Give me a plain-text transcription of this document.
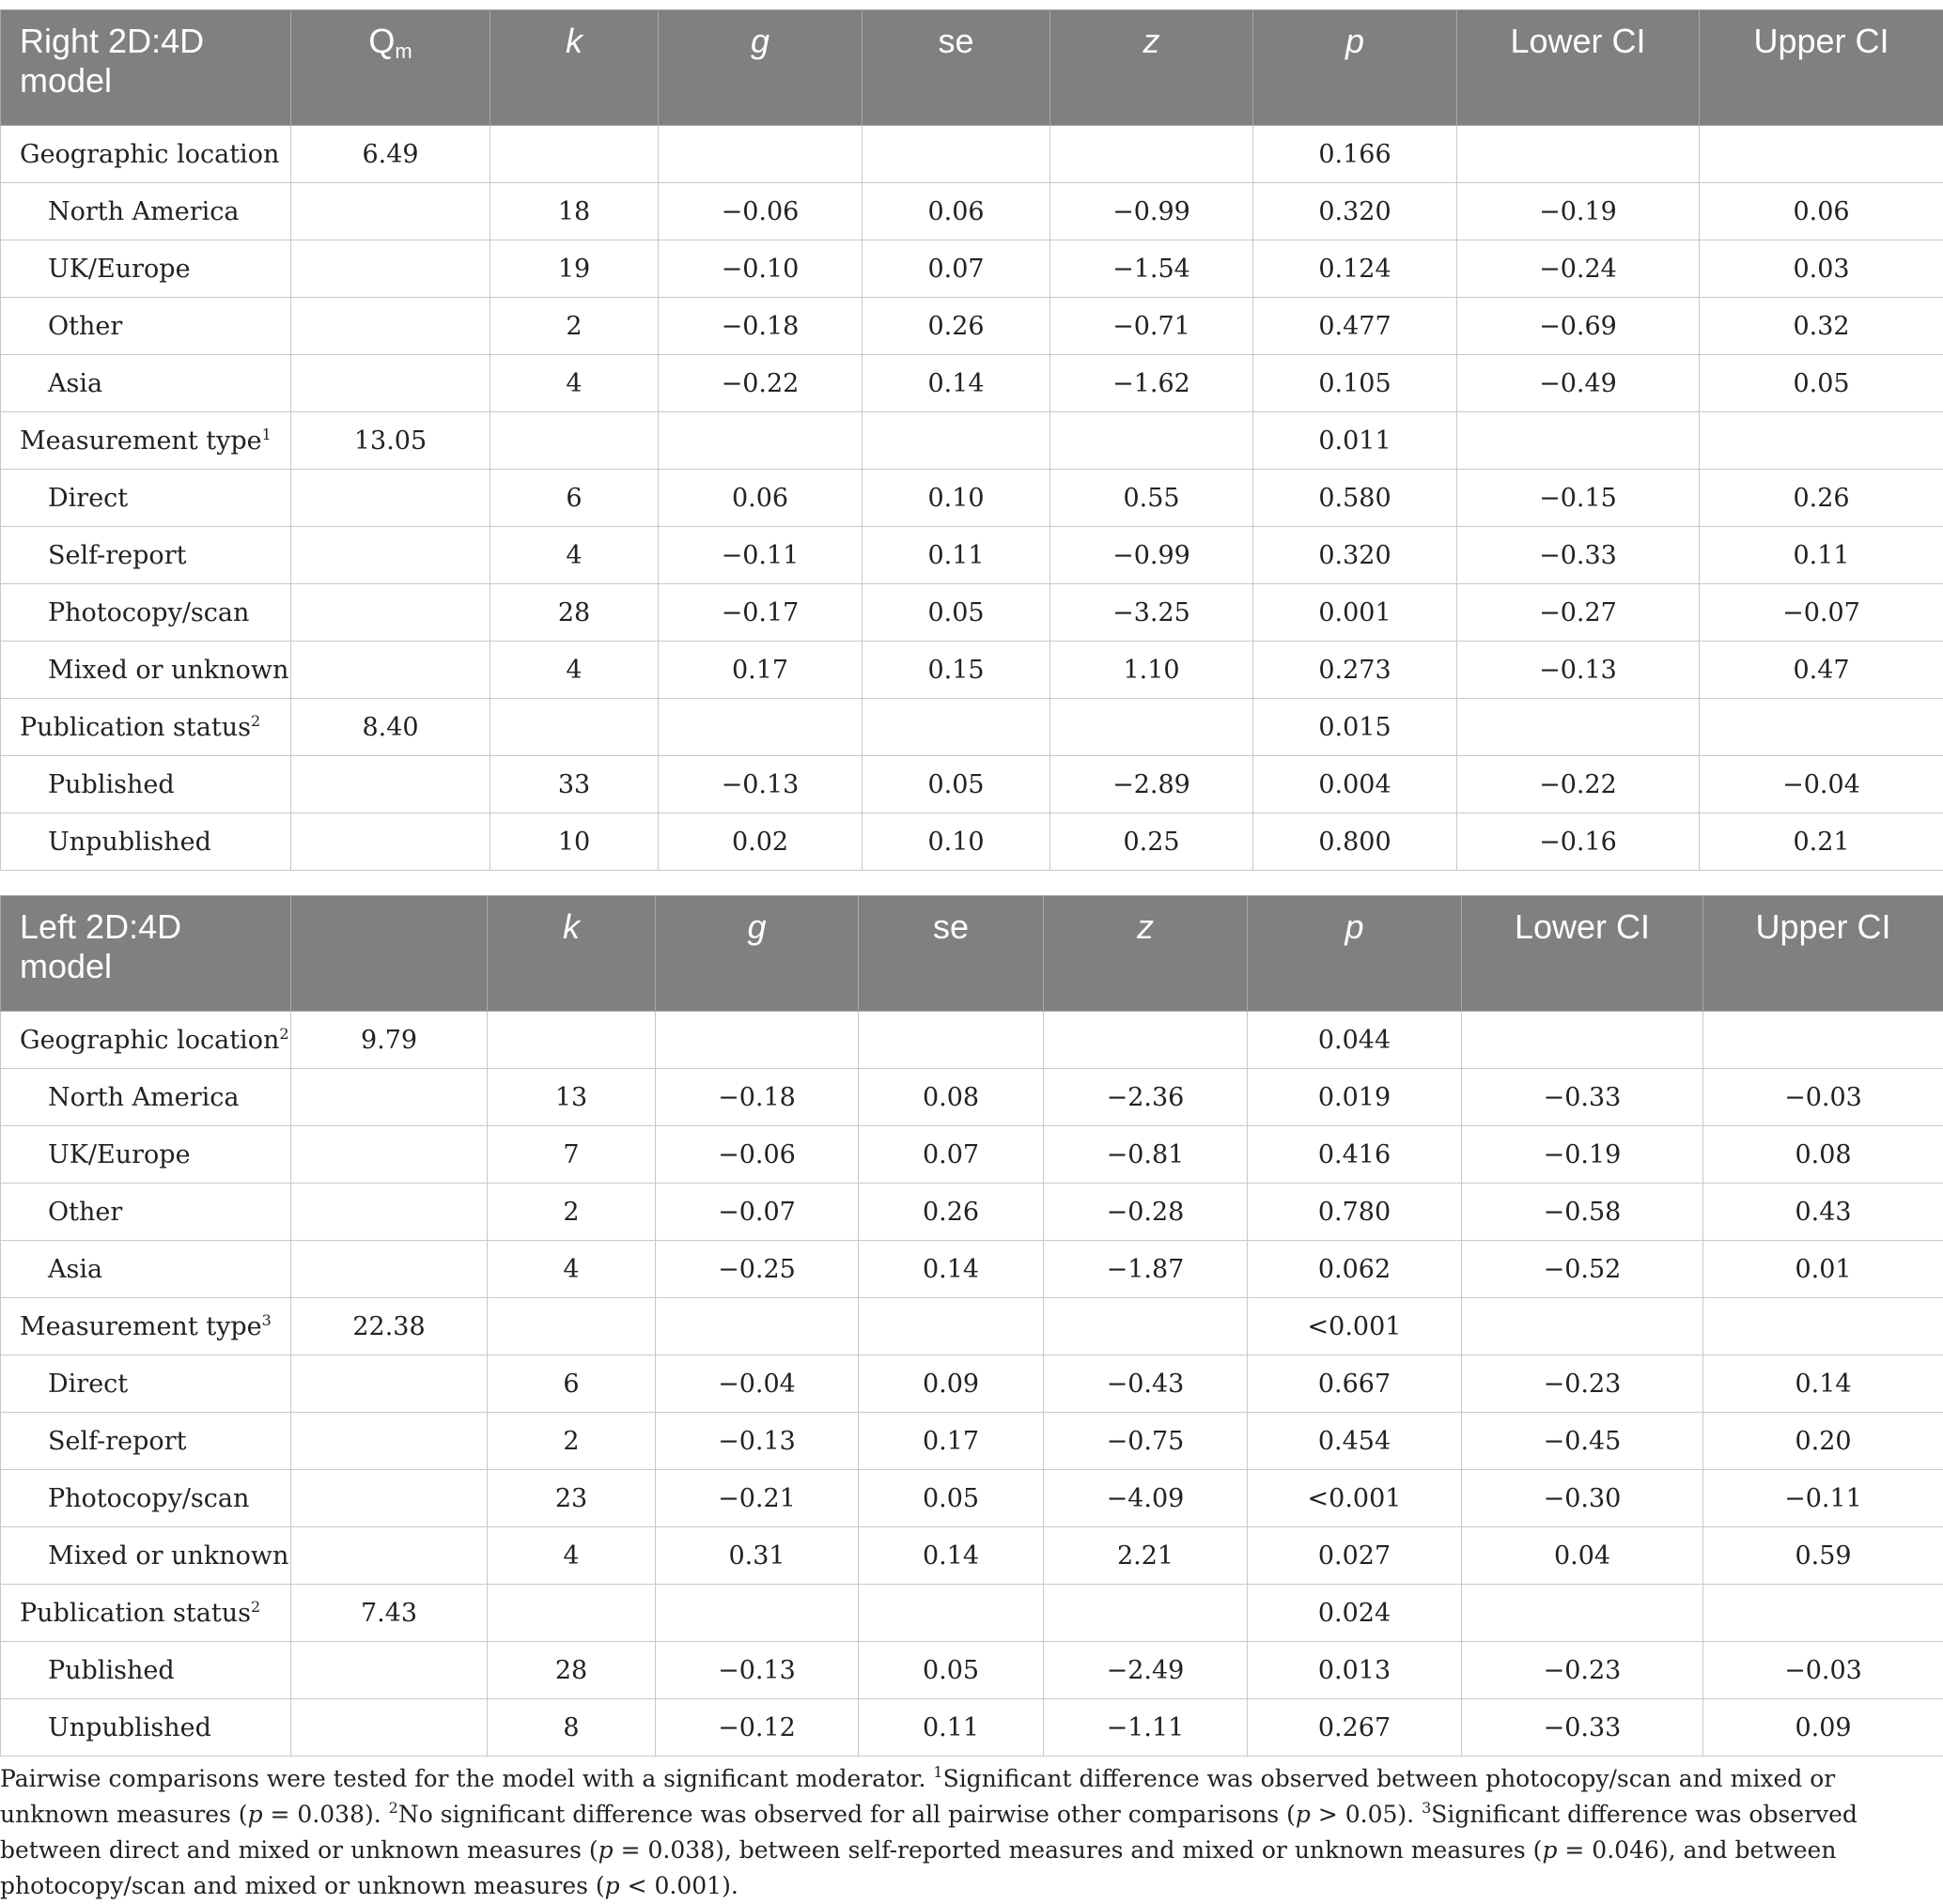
Right 2D:4D model	$Q_m$	k	g	se	z	p	Lower CI	Upper CI
Geographic location	6.49					0.166		
North America		18	−0.06	0.06	−0.99	0.320	−0.19	0.06
UK/Europe		19	−0.10	0.07	−1.54	0.124	−0.24	0.03
Other		2	−0.18	0.26	−0.71	0.477	−0.69	0.32
Asia		4	−0.22	0.14	−1.62	0.105	−0.49	0.05
Measurement type$^1$	13.05					0.011		
Direct		6	0.06	0.10	0.55	0.580	−0.15	0.26
Self-report		4	−0.11	0.11	−0.99	0.320	−0.33	0.11
Photocopy/scan		28	−0.17	0.05	−3.25	0.001	−0.27	−0.07
Mixed or unknown		4	0.17	0.15	1.10	0.273	−0.13	0.47
Publication status$^2$	8.40					0.015		
Published		33	−0.13	0.05	−2.89	0.004	−0.22	−0.04
Unpublished		10	0.02	0.10	0.25	0.800	−0.16	0.21
Left 2D:4D model		k	g	se	z	p	Lower CI	Upper CI
Geographic location$^2$	9.79					0.044		
North America		13	−0.18	0.08	−2.36	0.019	−0.33	−0.03
UK/Europe		7	−0.06	0.07	−0.81	0.416	−0.19	0.08
Other		2	−0.07	0.26	−0.28	0.780	−0.58	0.43
Asia		4	−0.25	0.14	−1.87	0.062	−0.52	0.01
Measurement type$^3$	22.38					<0.001		
Direct		6	−0.04	0.09	−0.43	0.667	−0.23	0.14
Self-report		2	−0.13	0.17	−0.75	0.454	−0.45	0.20
Photocopy/scan		23	−0.21	0.05	−4.09	<0.001	−0.30	−0.11
Mixed or unknown		4	0.31	0.14	2.21	0.027	0.04	0.59
Publication status$^2$	7.43					0.024		
Published		28	−0.13	0.05	−2.49	0.013	−0.23	−0.03
Unpublished		8	−0.12	0.11	−1.11	0.267	−0.33	0.09

Pairwise comparisons were tested for the model with a significant moderator. $^1$Significant difference was observed between photocopy/scan and mixed or unknown measures (p = 0.038). $^2$No significant difference was observed for all pairwise other comparisons (p > 0.05). $^3$Significant difference was observed between direct and mixed or unknown measures (p = 0.038), between self-reported measures and mixed or unknown measures (p = 0.046), and between photocopy/scan and mixed or unknown measures (p < 0.001).
